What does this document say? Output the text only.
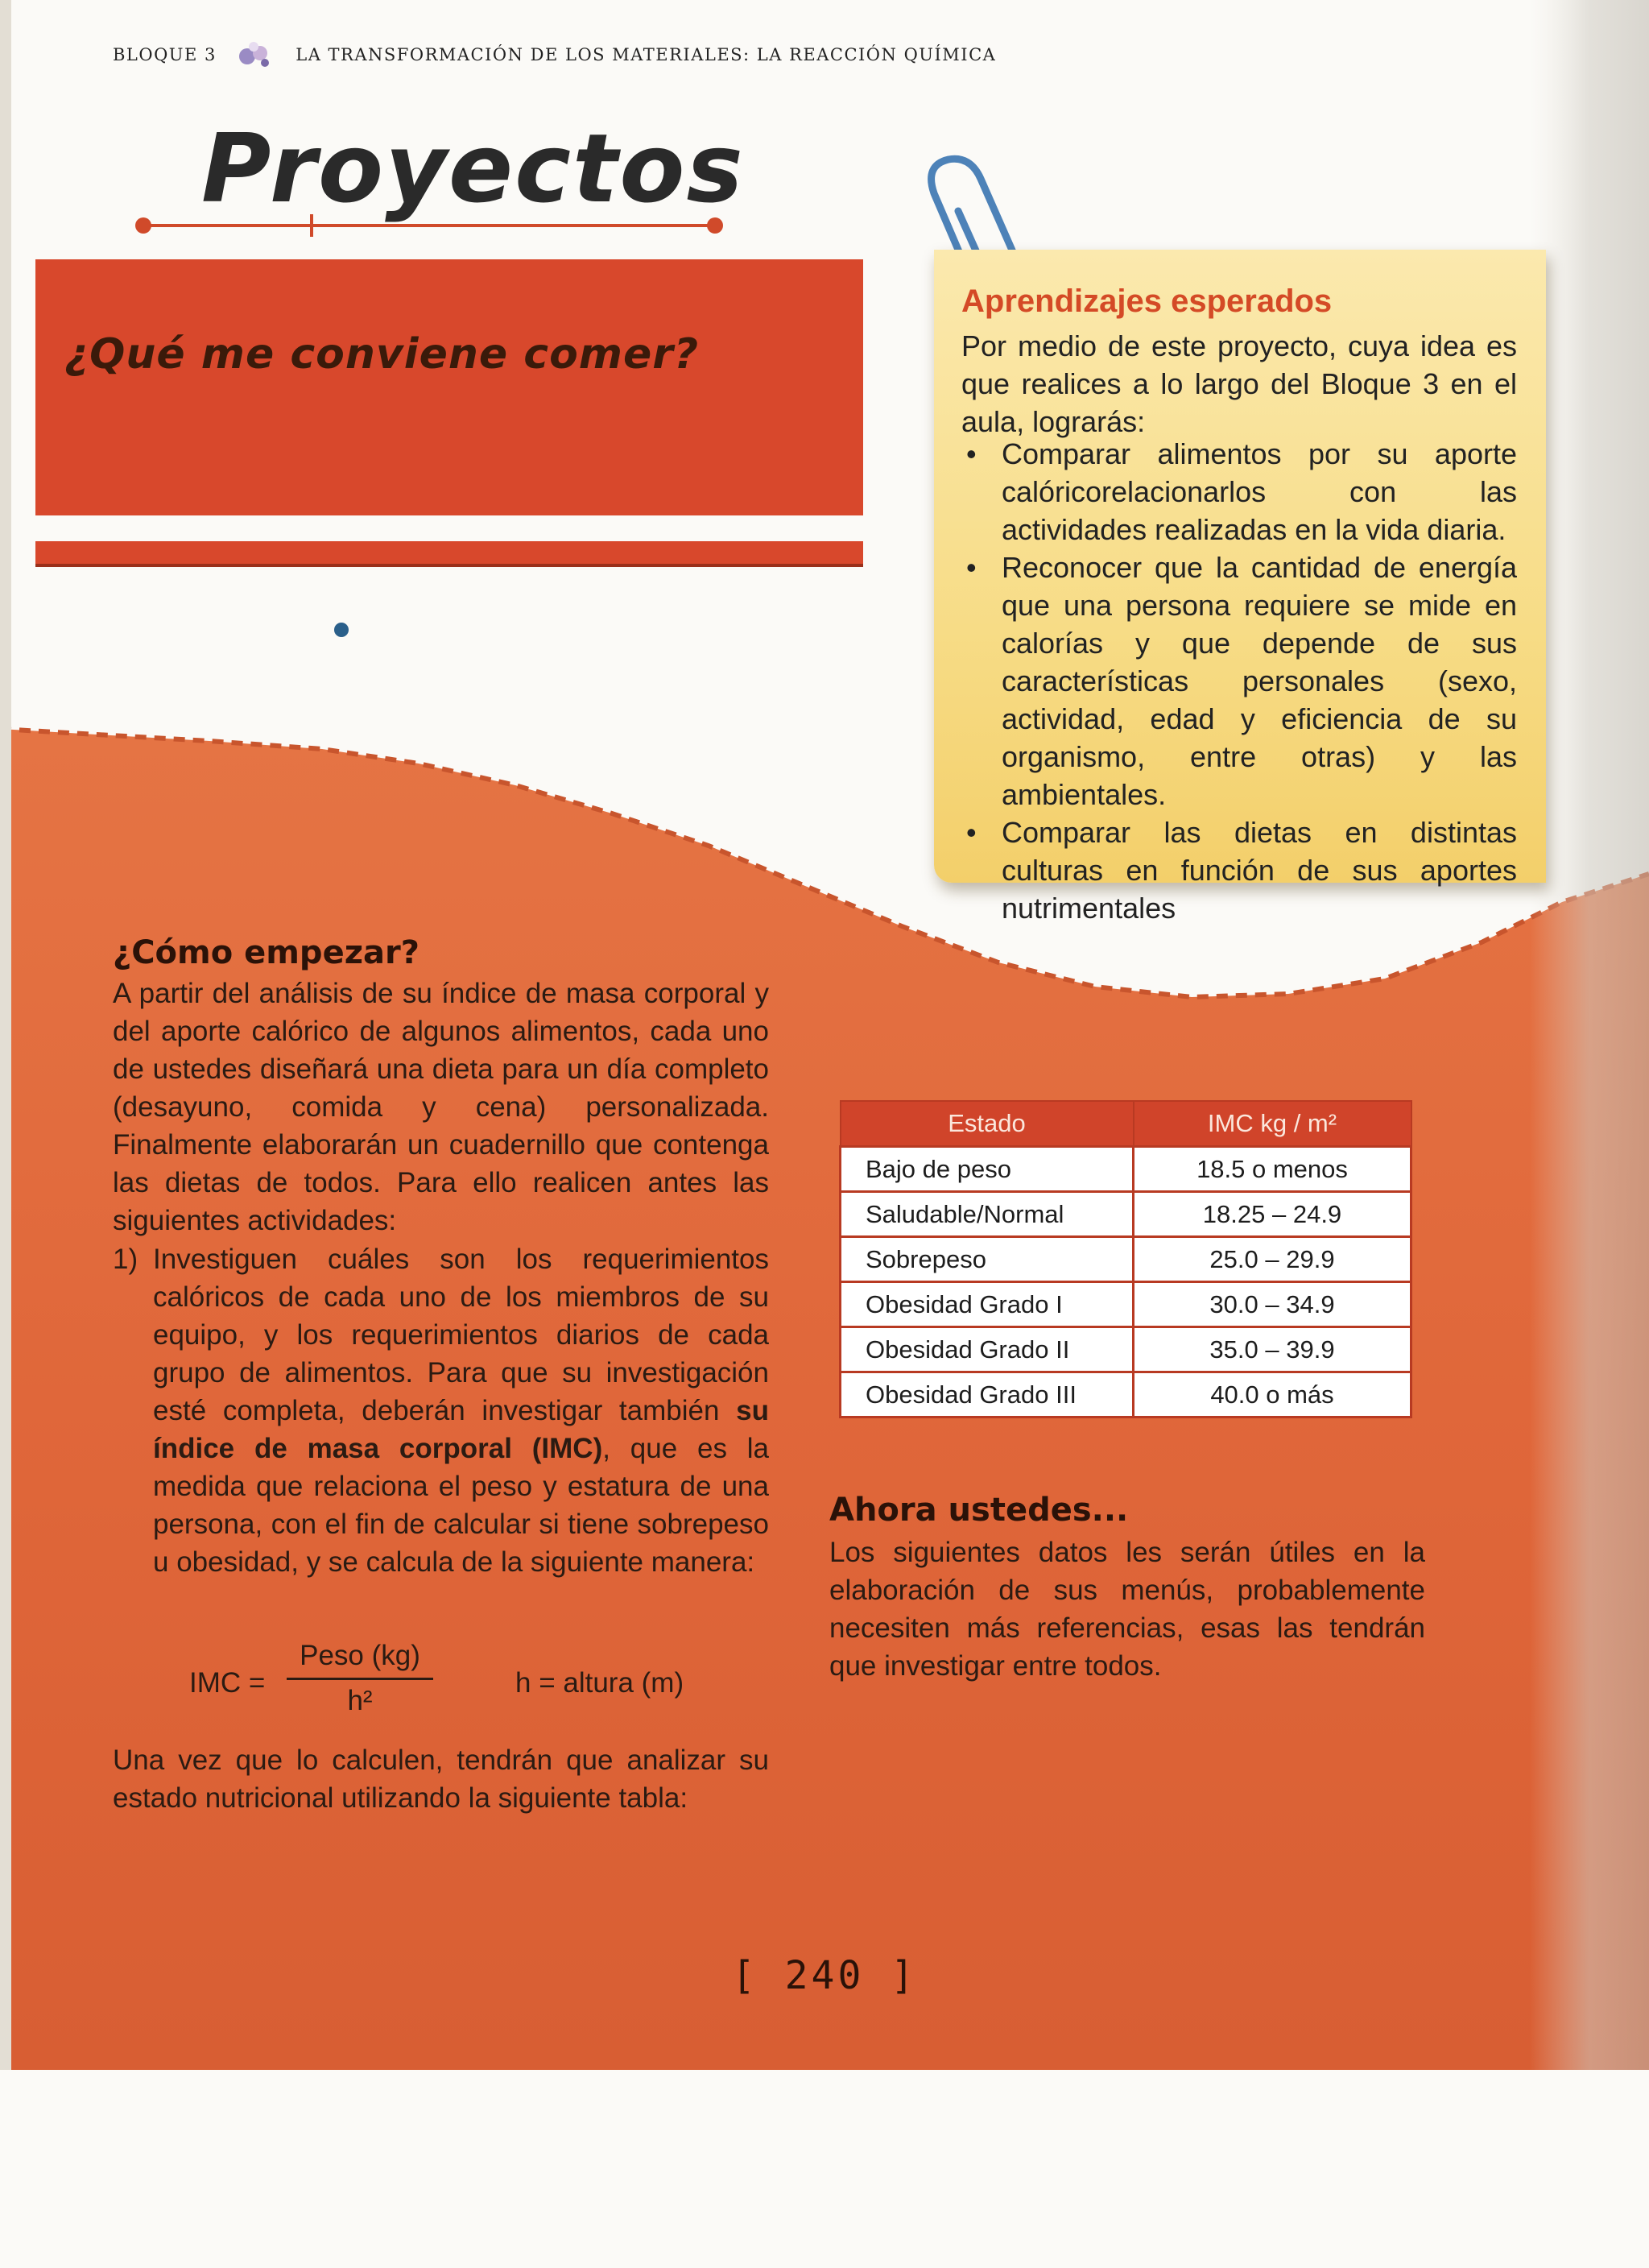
BLOQUE 3	LA TRANSFORMACIÓN DE LOS MATERIALES: LA REACCIÓN QUÍMICA
Proyectos
¿Qué me conviene comer?
Aprendizajes esperados
Por medio de este proyecto, cuya idea es que realices a lo largo del Bloque 3 en el aula, lograrás:
• Comparar alimentos por su aporte calóricorelacionarlos con las actividades realizadas en la vida diaria.
• Reconocer que la cantidad de energía que una persona requiere se mide en calorías y que depende de sus características personales (sexo, actividad, edad y eficiencia de su organismo, entre otras) y las ambientales.
• Comparar las dietas en distintas culturas en función de sus aportes nutrimentales
¿Cómo empezar?
A partir del análisis de su índice de masa corporal y del aporte calórico de algunos alimentos, cada uno de ustedes diseñará una dieta para un día completo (desayuno, comida y cena) personalizada. Finalmente elaborarán un cuadernillo que contenga las dietas de todos. Para ello realicen antes las siguientes actividades:
1) Investiguen cuáles son los requerimientos calóricos de cada uno de los miembros de su equipo, y los requerimientos diarios de cada grupo de alimentos. Para que su investigación esté completa, deberán investigar también su índice de masa corporal (IMC), que es la medida que relaciona el peso y estatura de una persona, con el fin de calcular si tiene sobrepeso u obesidad, y se calcula de la siguiente manera:
IMC =
Peso (kg)
h²
h = altura (m)
Una vez que lo calculen, tendrán que analizar su estado nutricional utilizando la siguiente tabla:
Estado	IMC kg / m²
Bajo de peso	18.5 o menos
Saludable/Normal	18.25 – 24.9
Sobrepeso	25.0 – 29.9
Obesidad Grado I	30.0 – 34.9
Obesidad Grado II	35.0 – 39.9
Obesidad Grado III	40.0 o más
Ahora ustedes...
Los siguientes datos les serán útiles en la elaboración de sus menús, probablemente necesiten más referencias, esas las tendrán que investigar entre todos.
[ 240 ]
